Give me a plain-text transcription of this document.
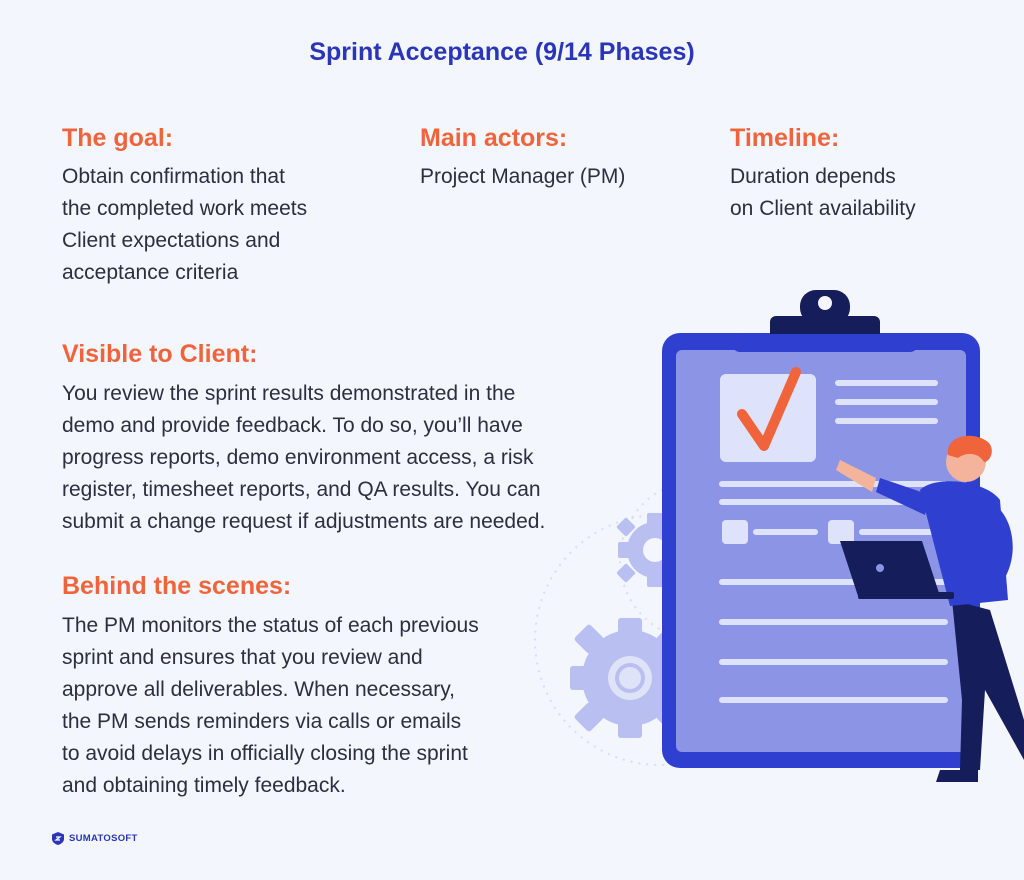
Sprint Acceptance (9/14 Phases)
The goal:
Obtain confirmation that
the completed work meets
Client expectations and
acceptance criteria
Main actors:
Project Manager (PM)
Timeline:
Duration depends
on Client availability
Visible to Client:
You review the sprint results demonstrated in the
demo and provide feedback. To do so, you’ll have
progress reports, demo environment access, a risk
register, timesheet reports, and QA results. You can
submit a change request if adjustments are needed.
Behind the scenes:
The PM monitors the status of each previous
sprint and ensures that you review and
approve all deliverables. When necessary,
the PM sends reminders via calls or emails
to avoid delays in officially closing the sprint
and obtaining timely feedback.
SUMATOSOFT
